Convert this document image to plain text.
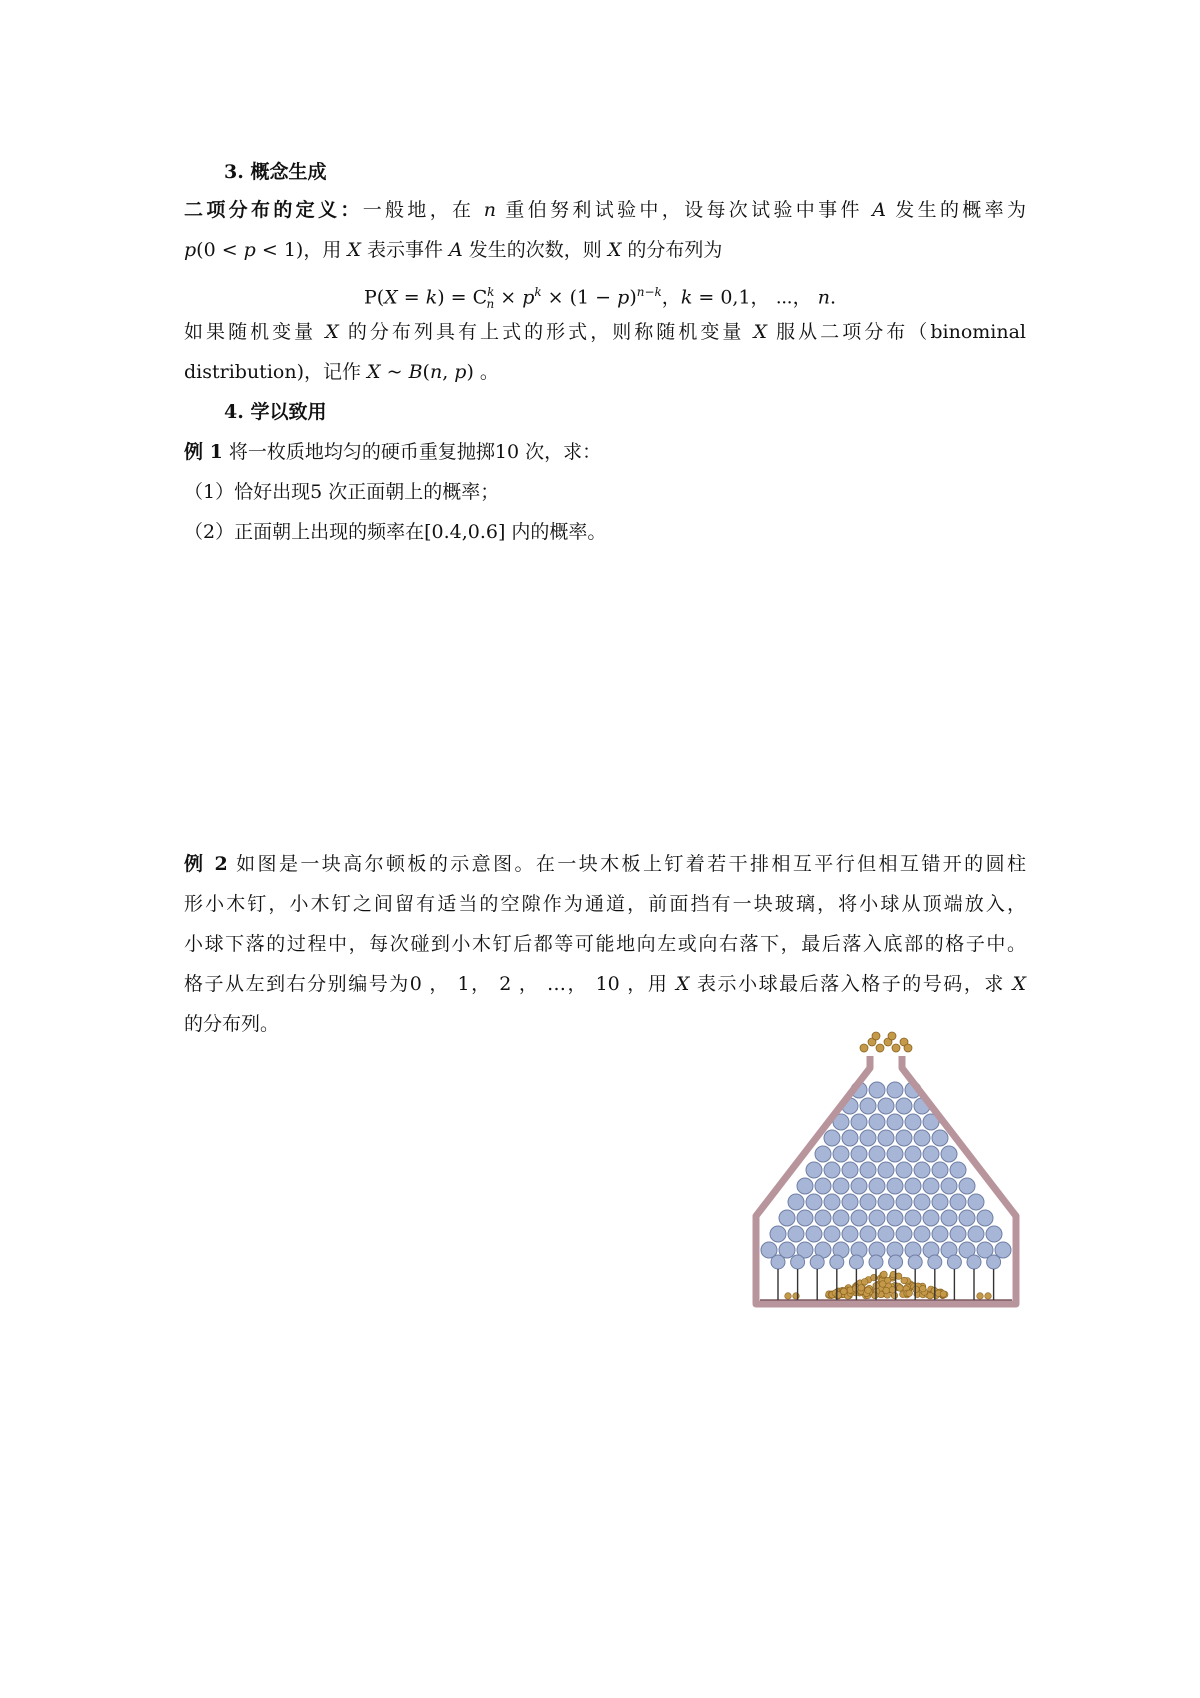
3. 概念生成
二项分布的定义：一般地，在 n 重伯努利试验中，设每次试验中事件 A 发生的概率为
p(0 < p < 1)，用 X 表示事件 A 发生的次数，则 X 的分布列为
$P(X = k) = C^k_n \times p^k \times (1 - p)^{n-k}$，k = 0,1， ⋯， n.
如果随机变量 X 的分布列具有上式的形式，则称随机变量 X 服从二项分布（binominal
distribution)，记作 X ~ B(n, p) 。
4. 学以致用
例 1 将一枚质地均匀的硬币重复抛掷10 次，求：
（1）恰好出现5 次正面朝上的概率；
（2）正面朝上出现的频率在[0.4,0.6] 内的概率。
例 2 如图是一块高尔顿板的示意图。在一块木板上钉着若干排相互平行但相互错开的圆柱
形小木钉，小木钉之间留有适当的空隙作为通道，前面挡有一块玻璃，将小球从顶端放入，
小球下落的过程中，每次碰到小木钉后都等可能地向左或向右落下，最后落入底部的格子中。
格子从左到右分别编号为0 ， 1， 2 ， …， 10 ，用 X 表示小球最后落入格子的号码，求 X
的分布列。
